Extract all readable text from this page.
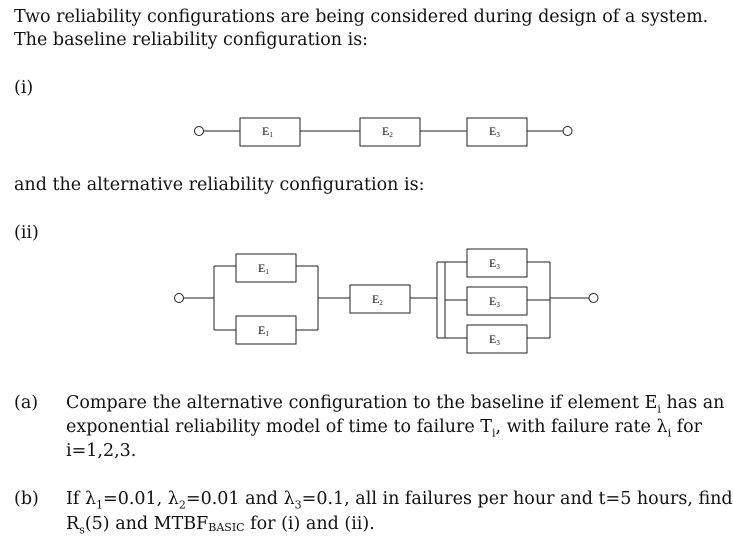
Two reliability configurations are being considered during design of a system.

The baseline reliability configuration is:

(i)

and the alternative reliability configuration is:

(ii)

E1	E2	E3
E1
E1
E2
E3
E3
E3
(a) Compare the alternative configuration to the baseline if element $E_i$ has an
exponential reliability model of time to failure $T_i$, with failure rate $\lambda_i$ for
i=1,2,3.
(b) If $\lambda_1=0.01$, $\lambda_2=0.01$ and $\lambda_3=0.1$, all in failures per hour and t=5 hours, find
$R_s(5)$ and $MTBF_{BASIC}$ for (i) and (ii).
